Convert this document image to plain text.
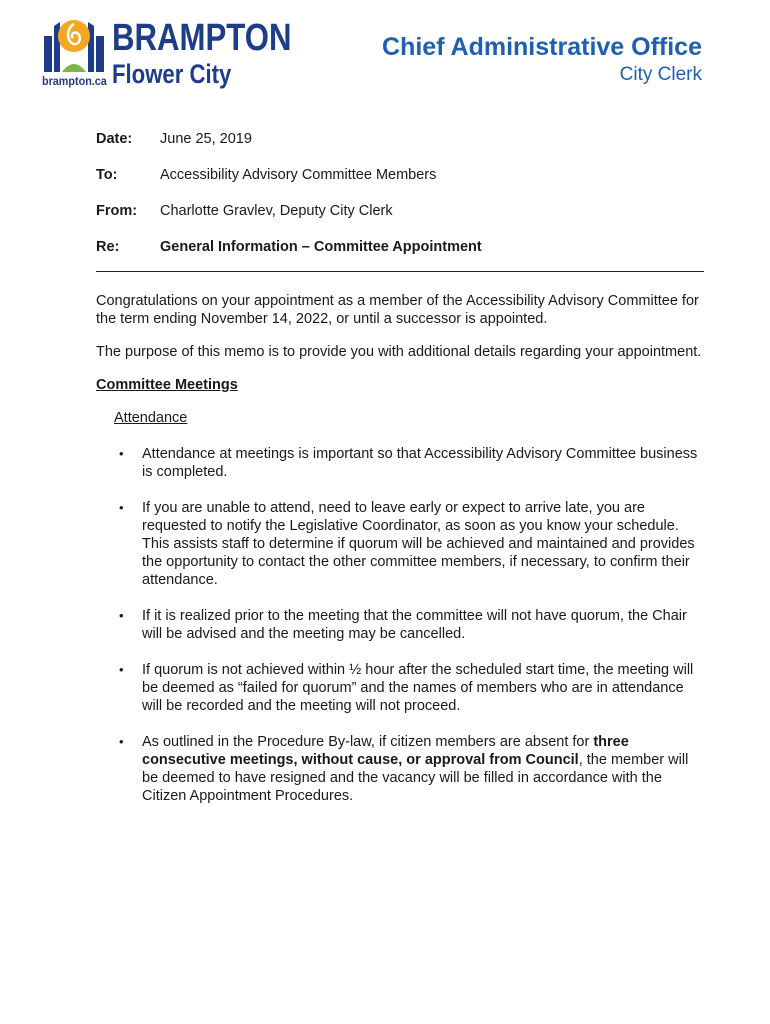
BRAMPTON
Flower City
brampton.ca
Chief Administrative Office
City Clerk
Date: June 25, 2019
To:	Accessibility Advisory Committee Members
From: Charlotte Gravlev, Deputy City Clerk
Re:	General Information – Committee Appointment

Congratulations on your appointment as a member of the Accessibility Advisory Committee for the term ending November 14, 2022, or until a successor is appointed.

The purpose of this memo is to provide you with additional details regarding your appointment.

Committee Meetings
Attendance
• Attendance at meetings is important so that Accessibility Advisory Committee business is completed.
• If you are unable to attend, need to leave early or expect to arrive late, you are requested to notify the Legislative Coordinator, as soon as you know your schedule. This assists staff to determine if quorum will be achieved and maintained and provides the opportunity to contact the other committee members, if necessary, to confirm their attendance.
• If it is realized prior to the meeting that the committee will not have quorum, the Chair will be advised and the meeting may be cancelled.
• If quorum is not achieved within ½ hour after the scheduled start time, the meeting will be deemed as “failed for quorum” and the names of members who are in attendance will be recorded and the meeting will not proceed.
• As outlined in the Procedure By-law, if citizen members are absent for three consecutive meetings, without cause, or approval from Council, the member will be deemed to have resigned and the vacancy will be filled in accordance with the Citizen Appointment Procedures.
